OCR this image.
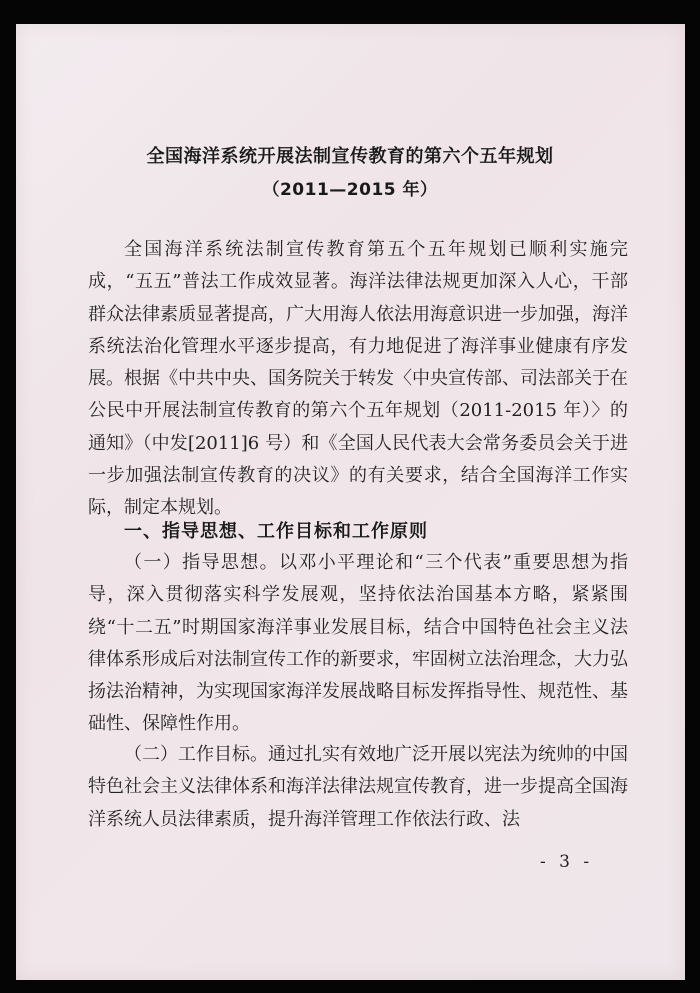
全国海洋系统开展法制宣传教育的第六个五年规划
（2011—2015 年）

全国海洋系统法制宣传教育第五个五年规划已顺利实施完成，“五五”普法工作成效显著。海洋法律法规更加深入人心，干部群众法律素质显著提高，广大用海人依法用海意识进一步加强，海洋系统法治化管理水平逐步提高，有力地促进了海洋事业健康有序发展。根据《中共中央、国务院关于转发〈中央宣传部、司法部关于在公民中开展法制宣传教育的第六个五年规划（2011-2015 年）〉的通知》（中发[2011]6 号）和《全国人民代表大会常务委员会关于进一步加强法制宣传教育的决议》的有关要求，结合全国海洋工作实际，制定本规划。

一、指导思想、工作目标和工作原则

（一）指导思想。以邓小平理论和“三个代表”重要思想为指导，深入贯彻落实科学发展观，坚持依法治国基本方略，紧紧围绕“十二五”时期国家海洋事业发展目标，结合中国特色社会主义法律体系形成后对法制宣传工作的新要求，牢固树立法治理念，大力弘扬法治精神，为实现国家海洋发展战略目标发挥指导性、规范性、基础性、保障性作用。

（二）工作目标。通过扎实有效地广泛开展以宪法为统帅的中国特色社会主义法律体系和海洋法律法规宣传教育，进一步提高全国海洋系统人员法律素质，提升海洋管理工作依法行政、法

- 3 -
